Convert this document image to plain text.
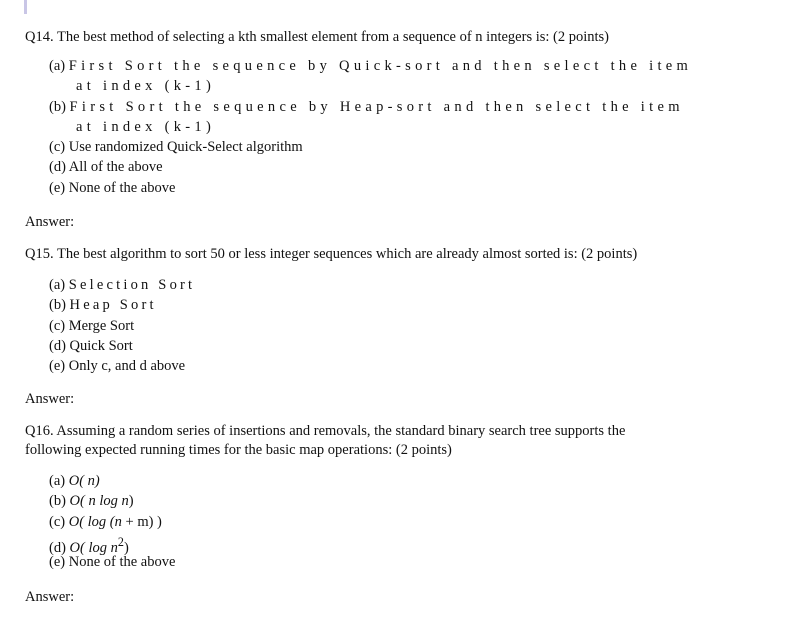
Q14. The best method of selecting a kth smallest element from a sequence of n integers is: (2 points)
(a) First Sort the sequence by Quick-sort and then select the item
at index (k-1)
(b) First Sort the sequence by Heap-sort and then select the item
at index (k-1)
(c) Use randomized Quick-Select algorithm
(d) All of the above
(e) None of the above
Answer:
Q15. The best algorithm to sort 50 or less integer sequences which are already almost sorted is: (2 points)
(a) Selection Sort
(b) Heap Sort
(c) Merge Sort
(d) Quick Sort
(e) Only c, and d above
Answer:
Q16. Assuming a random series of insertions and removals, the standard binary search tree supports the
following expected running times for the basic map operations: (2 points)
(a) O( n)
(b) O( n log n)
(c) O( log (n + m) )
(d) O( $\log n^2$)
(e) None of the above
Answer:
